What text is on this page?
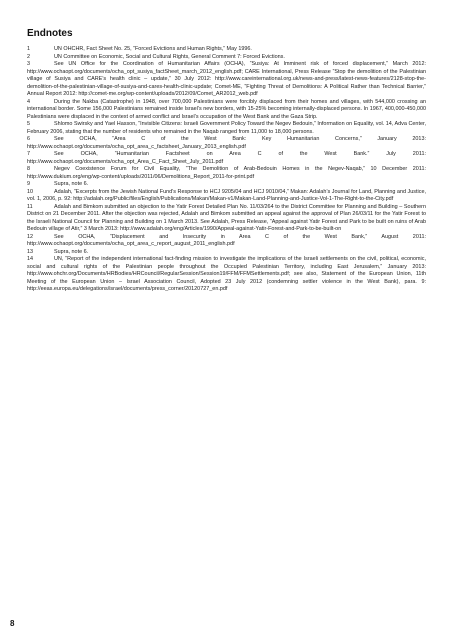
Endnotes

1	UN OHCHR, Fact Sheet No. 25, “Forced Evictions and Human Rights,” May 1996.

2	UN Committee on Economic, Social and Cultural Rights, General Comment 7: Forced Evictions.

3	See UN Office for the Coordination of Humanitarian Affairs (OCHA), “Susiya: At Imminent risk of forced displacement,” March 2012: http://www.ochaopt.org/documents/ocha_opt_susiya_factSheet_march_2012_english.pdf; CARE International, Press Release “Stop the demolition of the Palestinian village of Susiya and CARE’s health clinic – update,” 30 July 2012: http://www.careinternational.org.uk/news-and-press/latest-news-features/2128-stop-the-demolition-of-the-palestinian-village-of-susiya-and-cares-health-clinic-update; Comet-ME, “Fighting Threat of Demolitions: A Political Rather than Technical Barrier,” Annual Report 2012: http://comet-me.org/wp-content/uploads/2012/09/Comet_AR2012_web.pdf

4	During the Nakba (Catastrophe) in 1948, over 700,000 Palestinians were forcibly displaced from their homes and villages, with 544,000 crossing an international border. Some 156,000 Palestinians remained inside Israel’s new borders, with 15-25% becoming internally-displaced persons. In 1967, 400,000-450,000 Palestinians were displaced in the context of armed conflict and Israel’s occupation of the West Bank and the Gaza Strip.

5	Shlomo Swirsky and Yael Hasson, “Invisible Citizens: Israeli Government Policy Toward the Negev Bedouin,” Information on Equality, vol. 14, Adva Center, February 2006, stating that the number of residents who remained in the Naqab ranged from 11,000 to 18,000 persons.

6	See OCHA, “Area C of the West Bank: Key Humanitarian Concerns,” January 2013: http://www.ochaopt.org/documents/ocha_opt_area_c_factsheet_January_2013_english.pdf

7	See OCHA, “Humanitarian Factsheet on Area C of the West Bank.” July 2011: http://www.ochaopt.org/documents/ocha_opt_Area_C_Fact_Sheet_July_2011.pdf

8	Negev Coexistence Forum for Civil Equality, “The Demolition of Arab-Bedouin Homes in the Negev-Naqab,” 10 December 2011: http://www.dukium.org/eng/wp-content/uploads/2011/06/Demolitions_Report_2011-for-print.pdf

9	Supra, note 6.

10	Adalah, “Excerpts from the Jewish National Fund’s Response to HCJ 9205/04 and HCJ 9010/04,” Makan: Adalah’s Journal for Land, Planning and Justice, vol. 1, 2006, p. 92: http://adalah.org/Public/files/English/Publications/Makan/Makan-v1/Makan-Land-Planning-and-Justice-Vol-1-The-Right-to-the-City.pdf

11	Adalah and Bimkom submitted an objection to the Yatir Forest Detailed Plan No. 11/03/264 to the District Committee for Planning and Building – Southern District on 21 December 2011. After the objection was rejected, Adalah and Bimkom submitted an appeal against the approval of Plan 26/03/11 for the Yatir Forest to the Israeli National Council for Planning and Building on 1 March 2013. See Adalah, Press Release, “Appeal against Yatir Forest and Park to be built on ruins of Arab Bedouin village of Atir,” 3 March 2013: http://www.adalah.org/eng/Articles/1990/Appeal-against-Yatir-Forest-and-Park-to-be-built-on

12	See OCHA, “Displacement and Insecurity in Area C of the West Bank,” August 2011: http://www.ochaopt.org/documents/ocha_opt_area_c_report_august_2011_english.pdf

13	Supra, note 6.

14	UN, “Report of the independent international fact-finding mission to investigate the implications of the Israeli settlements on the civil, political, economic, social and cultural rights of the Palestinian people throughout the Occupied Palestinian Territory, including East Jerusalem,” January 2013: http://www.ohchr.org/Documents/HRBodies/HRCouncil/RegularSession/Session19/FFM/FFMSettlements.pdf; see also, Statement of the European Union, 11th Meeting of the European Union – Israel Association Council, Adopted 23 July 2012 (condemning settler violence in the West Bank), para. 9: http://eeas.europa.eu/delegations/israel/documents/press_corner/20120727_en.pdf

8
